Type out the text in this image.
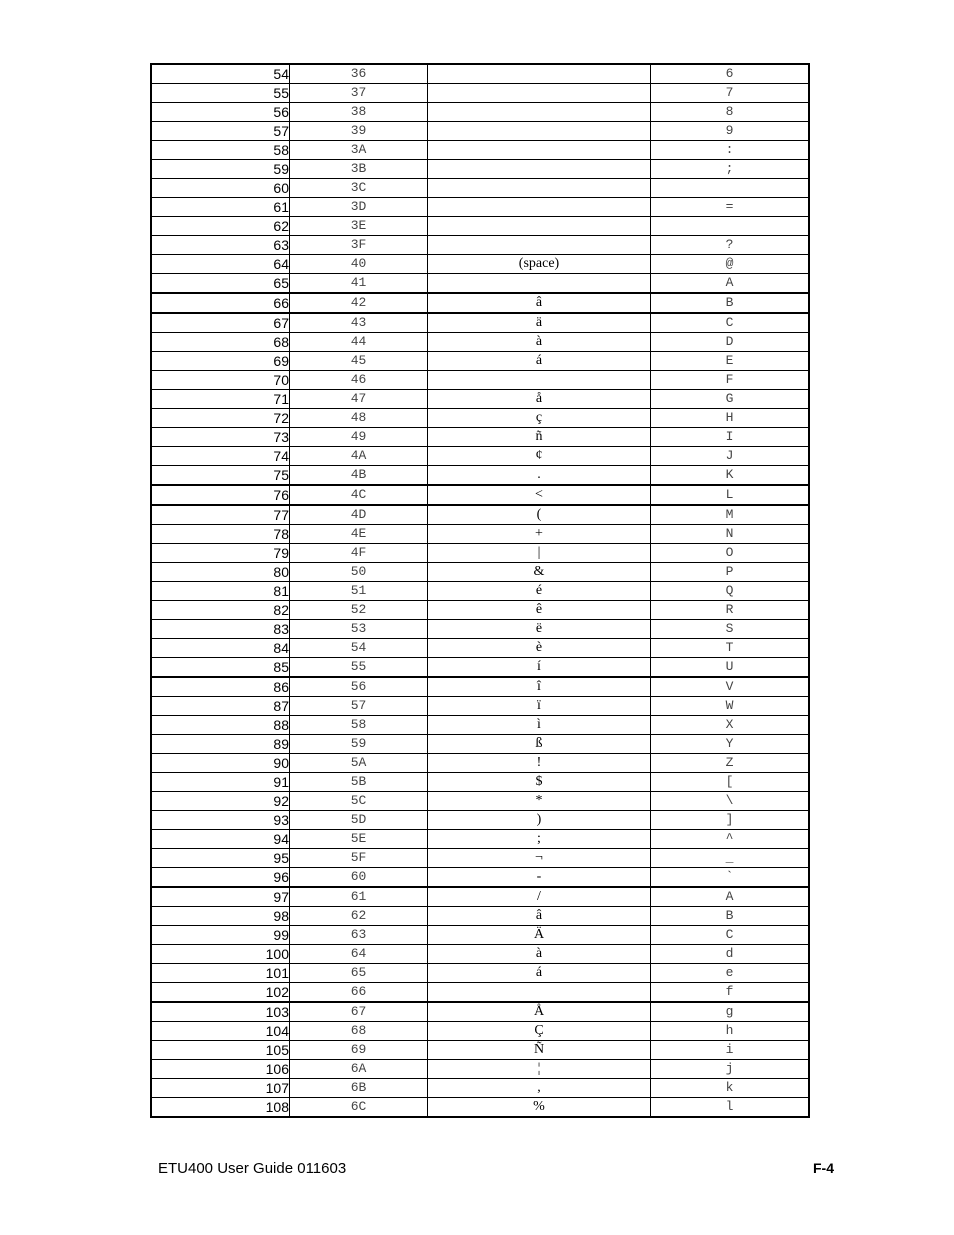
54	36		6
55	37		7
56	38		8
57	39		9
58	3A		:
59	3B		;
60	3C		
61	3D		=
62	3E		
63	3F		?
64	40	(space)	@
65	41		A
66	42	â	B
67	43	ä	C
68	44	à	D
69	45	á	E
70	46		F
71	47	å	G
72	48	ç	H
73	49	ñ	I
74	4A	¢	J
75	4B	.	K
76	4C	<	L
77	4D	(	M
78	4E	+	N
79	4F	|	O
80	50	&	P
81	51	é	Q
82	52	ê	R
83	53	ë	S
84	54	è	T
85	55	í	U
86	56	î	V
87	57	ï	W
88	58	ì	X
89	59	ß	Y
90	5A	!	Z
91	5B	$	[
92	5C	*	\
93	5D	)	]
94	5E	;	^
95	5F	¬	_
96	60	-	`
97	61	/	A
98	62	â	B
99	63	Ä	C
100	64	à	d
101	65	á	e
102	66		f
103	67	Å	g
104	68	Ç	h
105	69	Ñ	i
106	6A	¦	j
107	6B	,	k
108	6C	%	l
ETU400 User Guide 011603	F-4
